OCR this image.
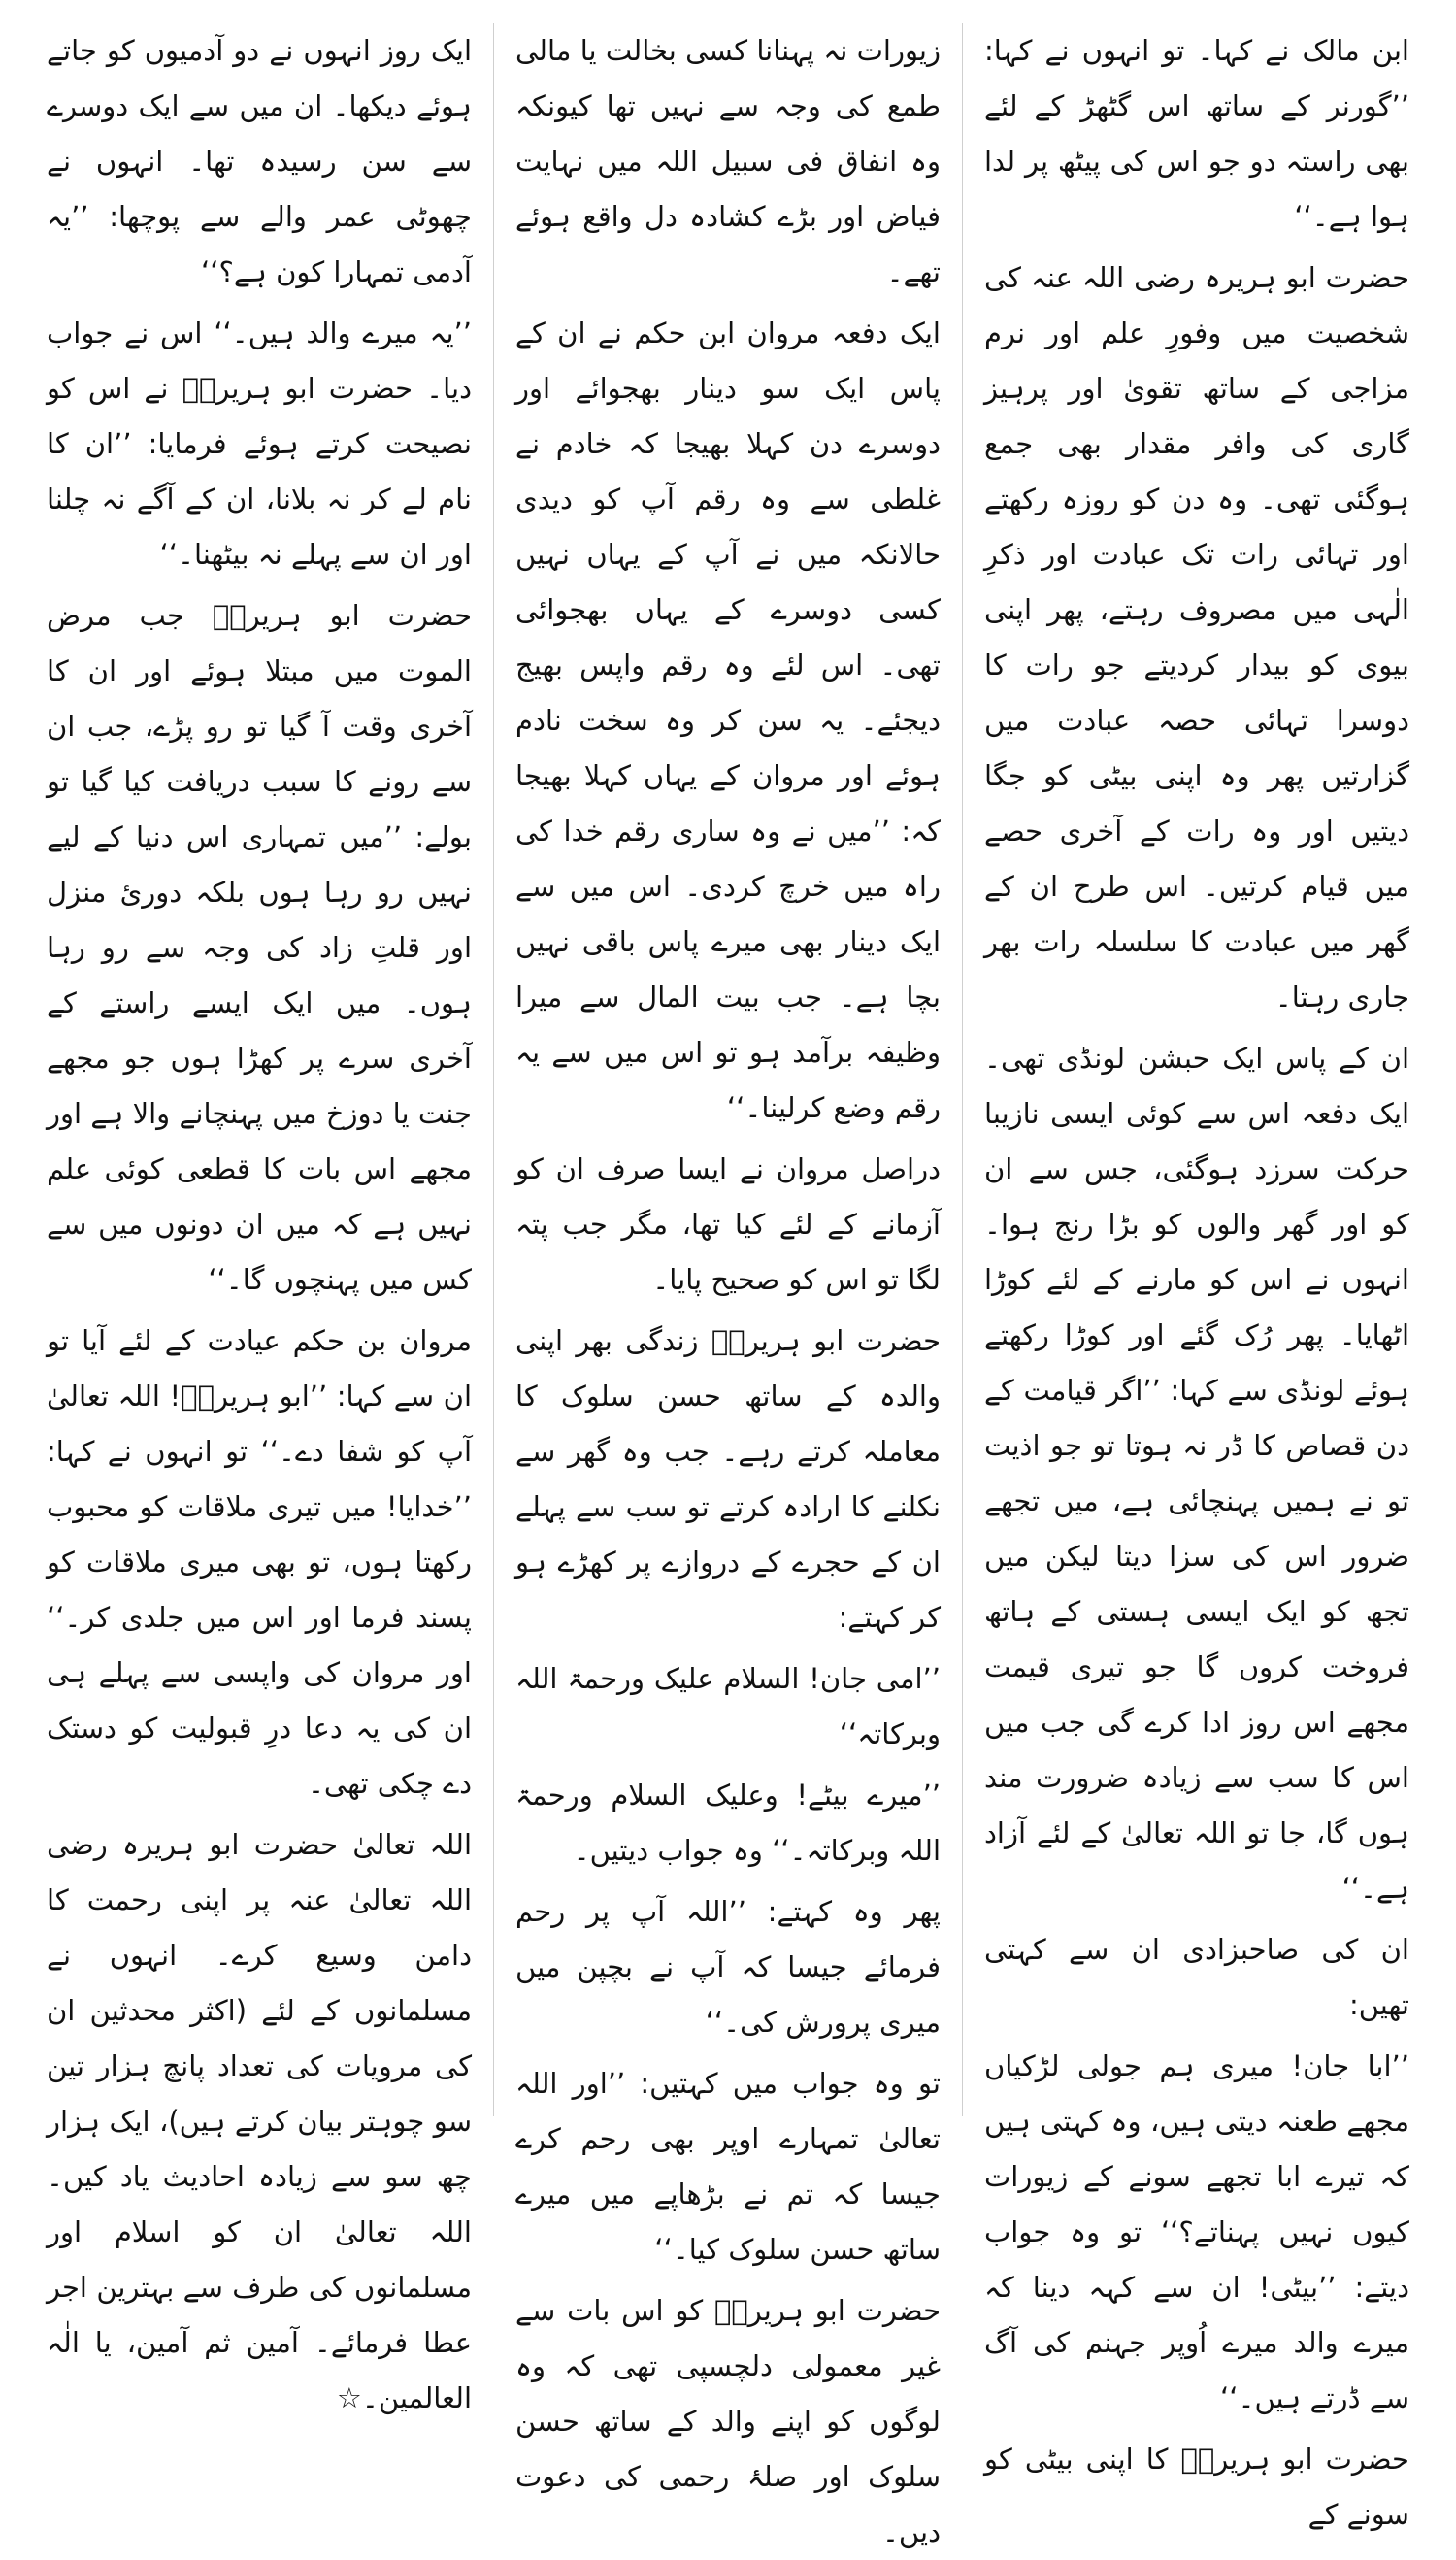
ابن مالک نے کہا۔ تو انہوں نے کہا: ’’گورنر کے ساتھ اس گٹھڑ کے لئے بھی راستہ دو جو اس کی پیٹھ پر لدا ہوا ہے۔‘‘

حضرت ابو ہریرہ رضی اللہ عنہ کی شخصیت میں وفورِ علم اور نرم مزاجی کے ساتھ تقویٰ اور پرہیز گاری کی وافر مقدار بھی جمع ہوگئی تھی۔ وہ دن کو روزہ رکھتے اور تہائی رات تک عبادت اور ذکرِ الٰہی میں مصروف رہتے، پھر اپنی بیوی کو بیدار کردیتے جو رات کا دوسرا تہائی حصہ عبادت میں گزارتیں پھر وہ اپنی بیٹی کو جگا دیتیں اور وہ رات کے آخری حصے میں قیام کرتیں۔ اس طرح ان کے گھر میں عبادت کا سلسلہ رات بھر جاری رہتا۔

ان کے پاس ایک حبشن لونڈی تھی۔ ایک دفعہ اس سے کوئی ایسی نازیبا حرکت سرزد ہوگئی، جس سے ان کو اور گھر والوں کو بڑا رنج ہوا۔ انہوں نے اس کو مارنے کے لئے کوڑا اٹھایا۔ پھر رُک گئے اور کوڑا رکھتے ہوئے لونڈی سے کہا: ’’اگر قیامت کے دن قصاص کا ڈر نہ ہوتا تو جو اذیت تو نے ہمیں پہنچائی ہے، میں تجھے ضرور اس کی سزا دیتا لیکن میں تجھ کو ایک ایسی ہستی کے ہاتھ فروخت کروں گا جو تیری قیمت مجھے اس روز ادا کرے گی جب میں اس کا سب سے زیادہ ضرورت مند ہوں گا، جا تو اللہ تعالیٰ کے لئے آزاد ہے۔‘‘

ان کی صاحبزادی ان سے کہتی تھیں:

’’ابا جان! میری ہم جولی لڑکیاں مجھے طعنہ دیتی ہیں، وہ کہتی ہیں کہ تیرے ابا تجھے سونے کے زیورات کیوں نہیں پہناتے؟‘‘ تو وہ جواب دیتے: ’’بیٹی! ان سے کہہ دینا کہ میرے والد میرے اُوپر جہنم کی آگ سے ڈرتے ہیں۔‘‘

حضرت ابو ہریرہؓ کا اپنی بیٹی کو سونے کے

زیورات نہ پہنانا کسی بخالت یا مالی طمع کی وجہ سے نہیں تھا کیونکہ وہ انفاق فی سبیل اللہ میں نہایت فیاض اور بڑے کشادہ دل واقع ہوئے تھے۔

ایک دفعہ مروان ابن حکم نے ان کے پاس ایک سو دینار بھجوائے اور دوسرے دن کہلا بھیجا کہ خادم نے غلطی سے وہ رقم آپ کو دیدی حالانکہ میں نے آپ کے یہاں نہیں کسی دوسرے کے یہاں بھجوائی تھی۔ اس لئے وہ رقم واپس بھیج دیجئے۔ یہ سن کر وہ سخت نادم ہوئے اور مروان کے یہاں کہلا بھیجا کہ: ’’میں نے وہ ساری رقم خدا کی راہ میں خرچ کردی۔ اس میں سے ایک دینار بھی میرے پاس باقی نہیں بچا ہے۔ جب بیت المال سے میرا وظیفہ برآمد ہو تو اس میں سے یہ رقم وضع کرلینا۔‘‘

دراصل مروان نے ایسا صرف ان کو آزمانے کے لئے کیا تھا، مگر جب پتہ لگا تو اس کو صحیح پایا۔

حضرت ابو ہریرہؓ زندگی بھر اپنی والدہ کے ساتھ حسن سلوک کا معاملہ کرتے رہے۔ جب وہ گھر سے نکلنے کا ارادہ کرتے تو سب سے پہلے ان کے حجرے کے دروازے پر کھڑے ہو کر کہتے:

’’امی جان! السلام علیک ورحمۃ اللہ وبرکاتہ‘‘

’’میرے بیٹے! وعلیک السلام ورحمۃ اللہ وبرکاتہ۔‘‘ وہ جواب دیتیں۔

پھر وہ کہتے: ’’اللہ آپ پر رحم فرمائے جیسا کہ آپ نے بچپن میں میری پرورش کی۔‘‘

تو وہ جواب میں کہتیں: ’’اور اللہ تعالیٰ تمہارے اوپر بھی رحم کرے جیسا کہ تم نے بڑھاپے میں میرے ساتھ حسن سلوک کیا۔‘‘

حضرت ابو ہریرہؓ کو اس بات سے غیر معمولی دلچسپی تھی کہ وہ لوگوں کو اپنے والد کے ساتھ حسن سلوک اور صلۂ رحمی کی دعوت دیں۔

ایک روز انہوں نے دو آدمیوں کو جاتے ہوئے دیکھا۔ ان میں سے ایک دوسرے سے سن رسیدہ تھا۔ انہوں نے چھوٹی عمر والے سے پوچھا: ’’یہ آدمی تمہارا کون ہے؟‘‘

’’یہ میرے والد ہیں۔‘‘ اس نے جواب دیا۔ حضرت ابو ہریرہؓ نے اس کو نصیحت کرتے ہوئے فرمایا: ’’ان کا نام لے کر نہ بلانا، ان کے آگے نہ چلنا اور ان سے پہلے نہ بیٹھنا۔‘‘

حضرت ابو ہریرہؓ جب مرض الموت میں مبتلا ہوئے اور ان کا آخری وقت آ گیا تو رو پڑے، جب ان سے رونے کا سبب دریافت کیا گیا تو بولے: ’’میں تمہاری اس دنیا کے لیے نہیں رو رہا ہوں بلکہ دوریٔ منزل اور قلتِ زاد کی وجہ سے رو رہا ہوں۔ میں ایک ایسے راستے کے آخری سرے پر کھڑا ہوں جو مجھے جنت یا دوزخ میں پہنچانے والا ہے اور مجھے اس بات کا قطعی کوئی علم نہیں ہے کہ میں ان دونوں میں سے کس میں پہنچوں گا۔‘‘

مروان بن حکم عیادت کے لئے آیا تو ان سے کہا: ’’ابو ہریرہؓ! اللہ تعالیٰ آپ کو شفا دے۔‘‘ تو انہوں نے کہا: ’’خدایا! میں تیری ملاقات کو محبوب رکھتا ہوں، تو بھی میری ملاقات کو پسند فرما اور اس میں جلدی کر۔‘‘ اور مروان کی واپسی سے پہلے ہی ان کی یہ دعا درِ قبولیت کو دستک دے چکی تھی۔

اللہ تعالیٰ حضرت ابو ہریرہ رضی اللہ تعالیٰ عنہ پر اپنی رحمت کا دامن وسیع کرے۔ انہوں نے مسلمانوں کے لئے (اکثر محدثین ان کی مرویات کی تعداد پانچ ہزار تین سو چوہتر بیان کرتے ہیں)، ایک ہزار چھ سو سے زیادہ احادیث یاد کیں۔ اللہ تعالیٰ ان کو اسلام اور مسلمانوں کی طرف سے بہترین اجر عطا فرمائے۔ آمین ثم آمین، یا الٰہ العالمین۔☆
